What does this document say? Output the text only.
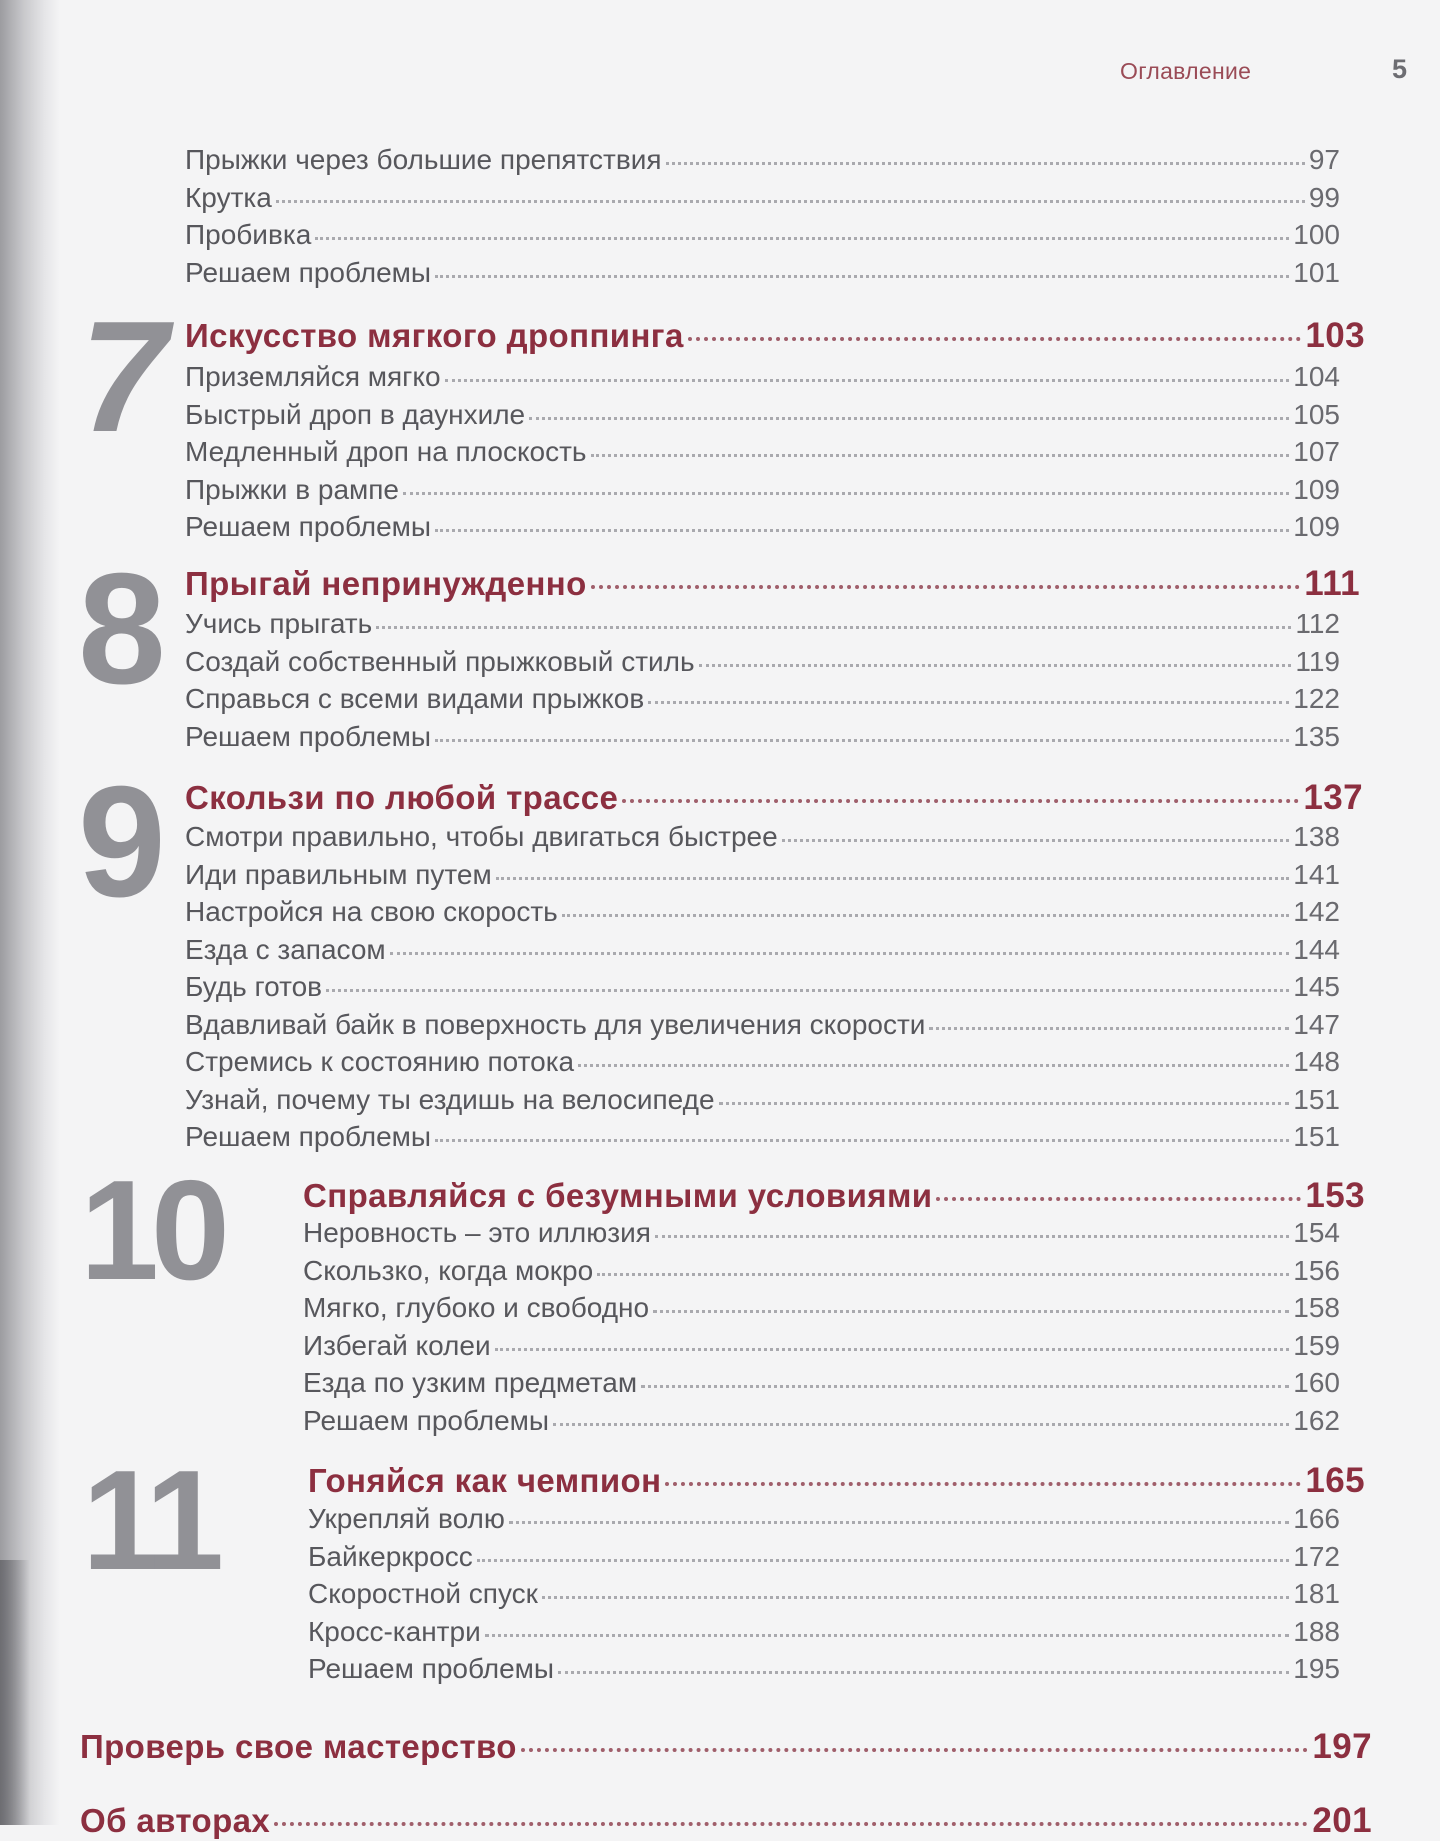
Оглавление	5
Прыжки через большие препятствия	97
Крутка	99
Пробивка	100
Решаем проблемы	101
7 Искусство мягкого дроппинга	103
Приземляйся мягко	104
Быстрый дроп в даунхиле	105
Медленный дроп на плоскость	107
Прыжки в рампе	109
Решаем проблемы	109
8 Прыгай непринужденно	111
Учись прыгать	112
Создай собственный прыжковый стиль	119
Справься с всеми видами прыжков	122
Решаем проблемы	135
9 Скользи по любой трассе	137
Смотри правильно, чтобы двигаться быстрее	138
Иди правильным путем	141
Настройся на свою скорость	142
Езда с запасом	144
Будь готов	145
Вдавливай байк в поверхность для увеличения скорости	147
Стремись к состоянию потока	148
Узнай, почему ты ездишь на велосипеде	151
Решаем проблемы	151
10 Справляйся с безумными условиями	153
Неровность – это иллюзия	154
Скользко, когда мокро	156
Мягко, глубоко и свободно	158
Избегай колеи	159
Езда по узким предметам	160
Решаем проблемы	162
11	Гоняйся как чемпион	165
Укрепляй волю	166
Байкеркросс	172
Скоростной спуск	181
Кросс-кантри	188
Решаем проблемы	195
Проверь свое мастерство	197
Об авторах	201
